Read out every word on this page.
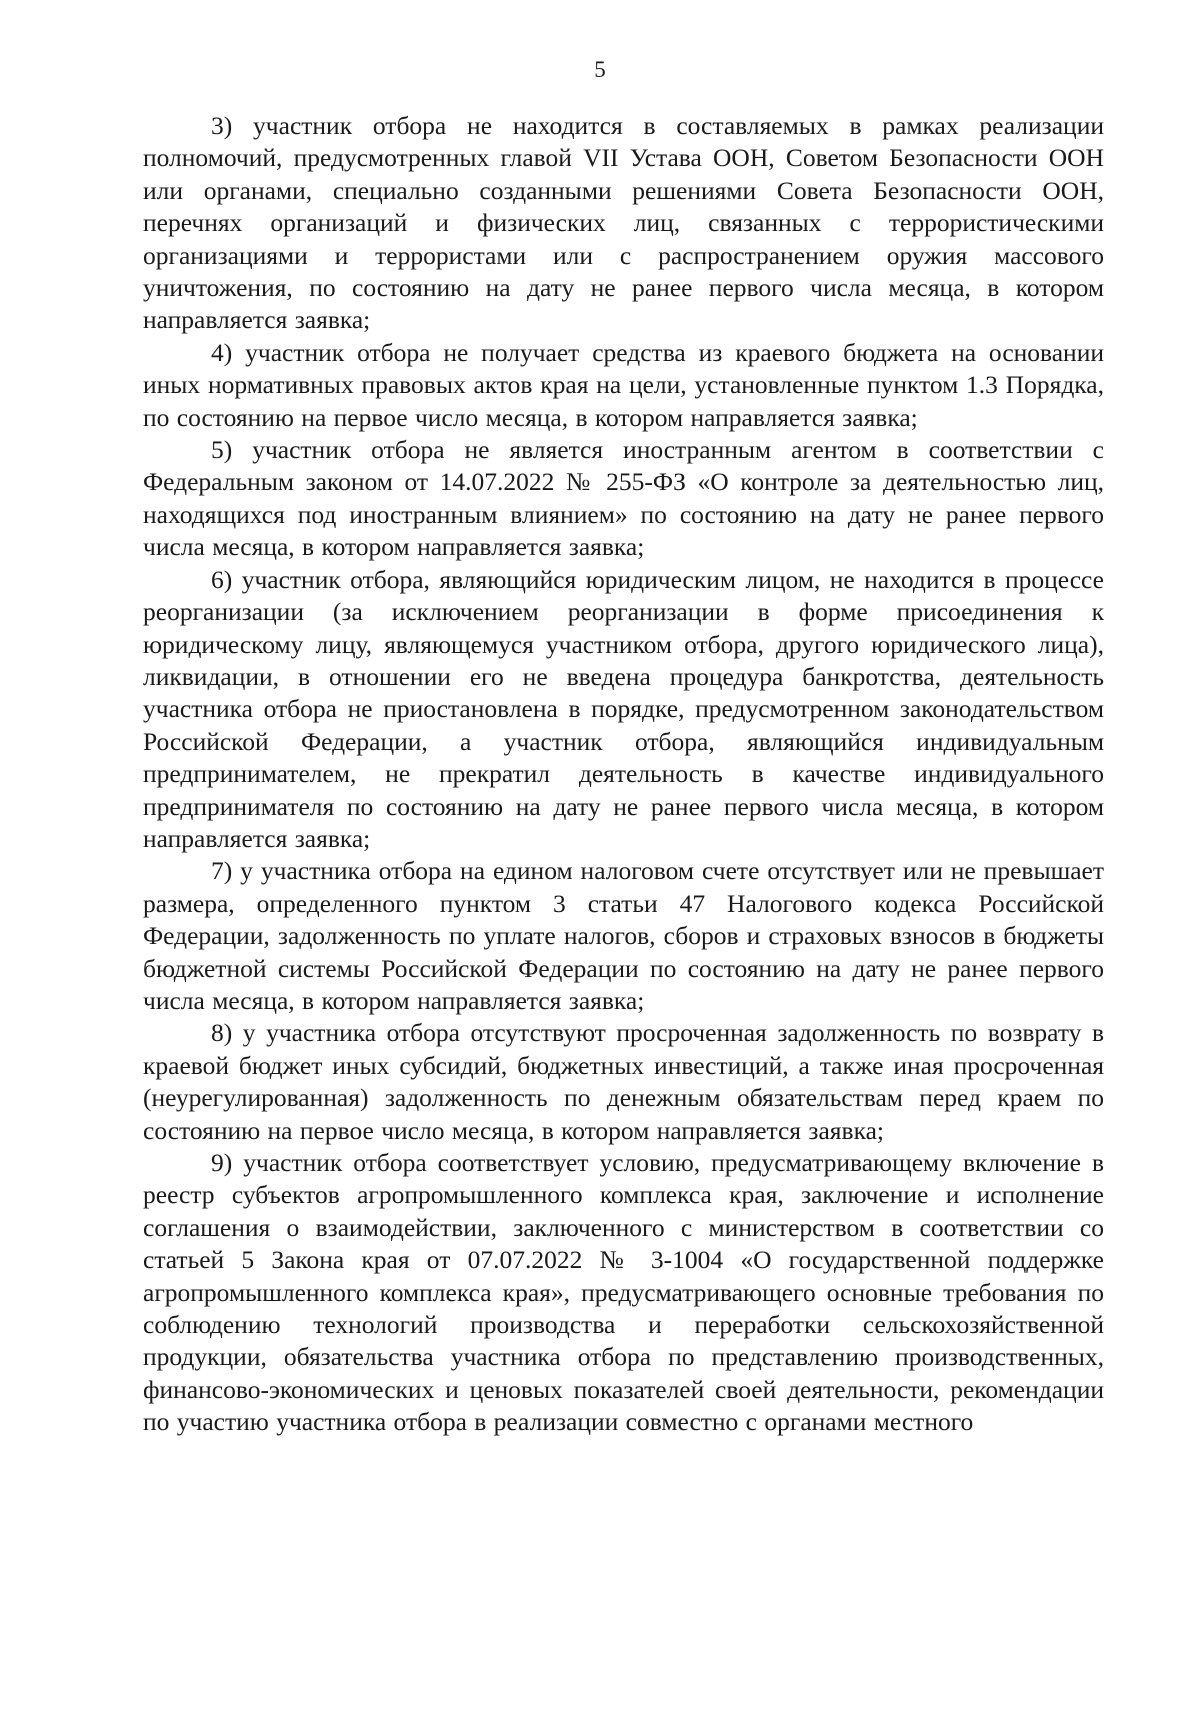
5

3) участник отбора не находится в составляемых в рамках реализации полномочий, предусмотренных главой VII Устава ООН, Советом Безопасности ООН или органами, специально созданными решениями Совета Безопасности ООН, перечнях организаций и физических лиц, связанных с террористическими организациями и террористами или с распространением оружия массового уничтожения, по состоянию на дату не ранее первого числа месяца, в котором направляется заявка;

4) участник отбора не получает средства из краевого бюджета на основании иных нормативных правовых актов края на цели, установленные пунктом 1.3 Порядка, по состоянию на первое число месяца, в котором направляется заявка;

5) участник отбора не является иностранным агентом в соответствии с Федеральным законом от 14.07.2022 № 255-ФЗ «О контроле за деятельностью лиц, находящихся под иностранным влиянием» по состоянию на дату не ранее первого числа месяца, в котором направляется заявка;

6) участник отбора, являющийся юридическим лицом, не находится в процессе реорганизации (за исключением реорганизации в форме присоединения к юридическому лицу, являющемуся участником отбора, другого юридического лица), ликвидации, в отношении его не введена процедура банкротства, деятельность участника отбора не приостановлена в порядке, предусмотренном законодательством Российской Федерации, а участник отбора, являющийся индивидуальным предпринимателем, не прекратил деятельность в качестве индивидуального предпринимателя по состоянию на дату не ранее первого числа месяца, в котором направляется заявка;

7) у участника отбора на едином налоговом счете отсутствует или не превышает размера, определенного пунктом 3 статьи 47 Налогового кодекса Российской Федерации, задолженность по уплате налогов, сборов и страховых взносов в бюджеты бюджетной системы Российской Федерации по состоянию на дату не ранее первого числа месяца, в котором направляется заявка;

8) у участника отбора отсутствуют просроченная задолженность по возврату в краевой бюджет иных субсидий, бюджетных инвестиций, а также иная просроченная (неурегулированная) задолженность по денежным обязательствам перед краем по состоянию на первое число месяца, в котором направляется заявка;

9) участник отбора соответствует условию, предусматривающему включение в реестр субъектов агропромышленного комплекса края, заключение и исполнение соглашения о взаимодействии, заключенного с министерством в соответствии со статьей 5 Закона края от 07.07.2022 № 3-1004 «О государственной поддержке агропромышленного комплекса края», предусматривающего основные требования по соблюдению технологий производства и переработки сельскохозяйственной продукции, обязательства участника отбора по представлению производственных, финансово-экономических и ценовых показателей своей деятельности, рекомендации по участию участника отбора в реализации совместно с органами местного
